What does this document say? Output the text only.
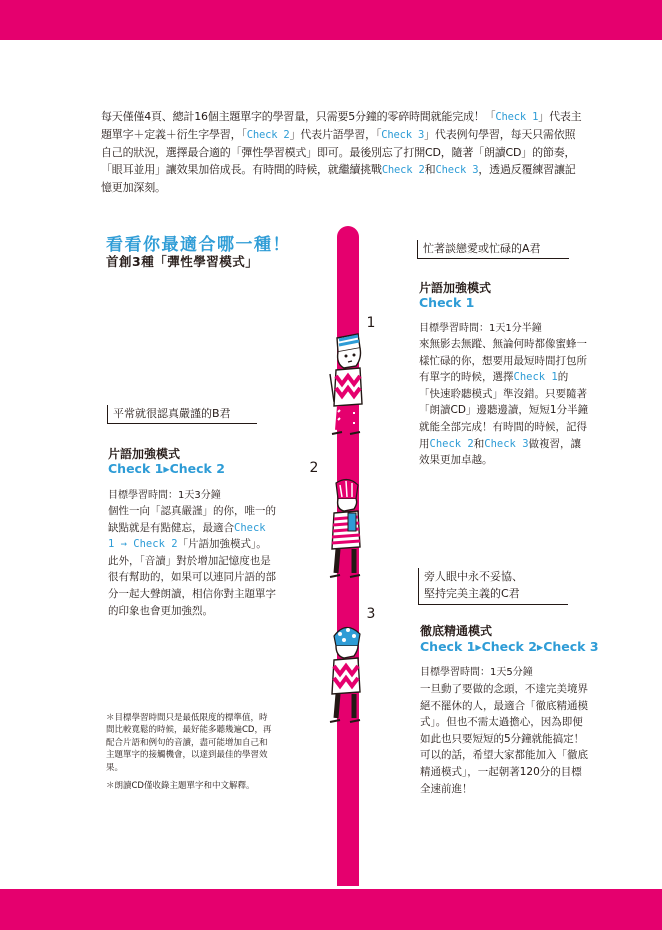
每天僅僅4頁、總計16個主題單字的學習量，只需要5分鐘的零碎時間就能完成！「Check 1」代表主題單字＋定義＋衍生字學習，「Check 2」代表片語學習，「Check 3」代表例句學習，每天只需依照自己的狀況，選擇最合適的「彈性學習模式」即可。最後別忘了打開CD，隨著「朗讀CD」的節奏，「眼耳並用」讓效果加倍成長。有時間的時候，就繼續挑戰Check 2和Check 3，透過反覆練習讓記憶更加深刻。

看看你最適合哪一種！
首創3種「彈性學習模式」
1
2
3
忙著談戀愛或忙碌的A君

片語加強模式

Check 1

目標學習時間：1天1分半鐘

來無影去無蹤、無論何時都像蜜蜂一樣忙碌的你，想要用最短時間打包所有單字的時候，選擇Check 1的「快速聆聽模式」準沒錯。只要隨著「朗讀CD」邊聽邊讀，短短1分半鐘就能全部完成！有時間的時候，記得用Check 2和Check 3做複習，讓效果更加卓越。

平常就很認真嚴謹的B君

片語加強模式

Check 1▸Check 2

目標學習時間：1天3分鐘

個性一向「認真嚴謹」的你，唯一的缺點就是有點健忘，最適合Check 1 → Check 2「片語加強模式」。此外，「音讀」對於增加記憶度也是很有幫助的，如果可以連同片語的部分一起大聲朗讀，相信你對主題單字的印象也會更加強烈。

旁人眼中永不妥協、
堅持完美主義的C君

徹底精通模式

Check 1▸Check 2▸Check 3

目標學習時間：1天5分鐘

一旦動了要做的念頭，不達完美境界絕不罷休的人，最適合「徹底精通模式」。但也不需太過擔心，因為即便如此也只要短短的5分鐘就能搞定！可以的話，希望大家都能加入「徹底精通模式」，一起朝著120分的目標全速前進！

＊目標學習時間只是最低限度的標準值，時間比較寬鬆的時候，最好能多聽幾遍CD，再配合片語和例句的音讀，盡可能增加自己和主題單字的接觸機會，以達到最佳的學習效果。

＊朗讀CD僅收錄主題單字和中文解釋。
